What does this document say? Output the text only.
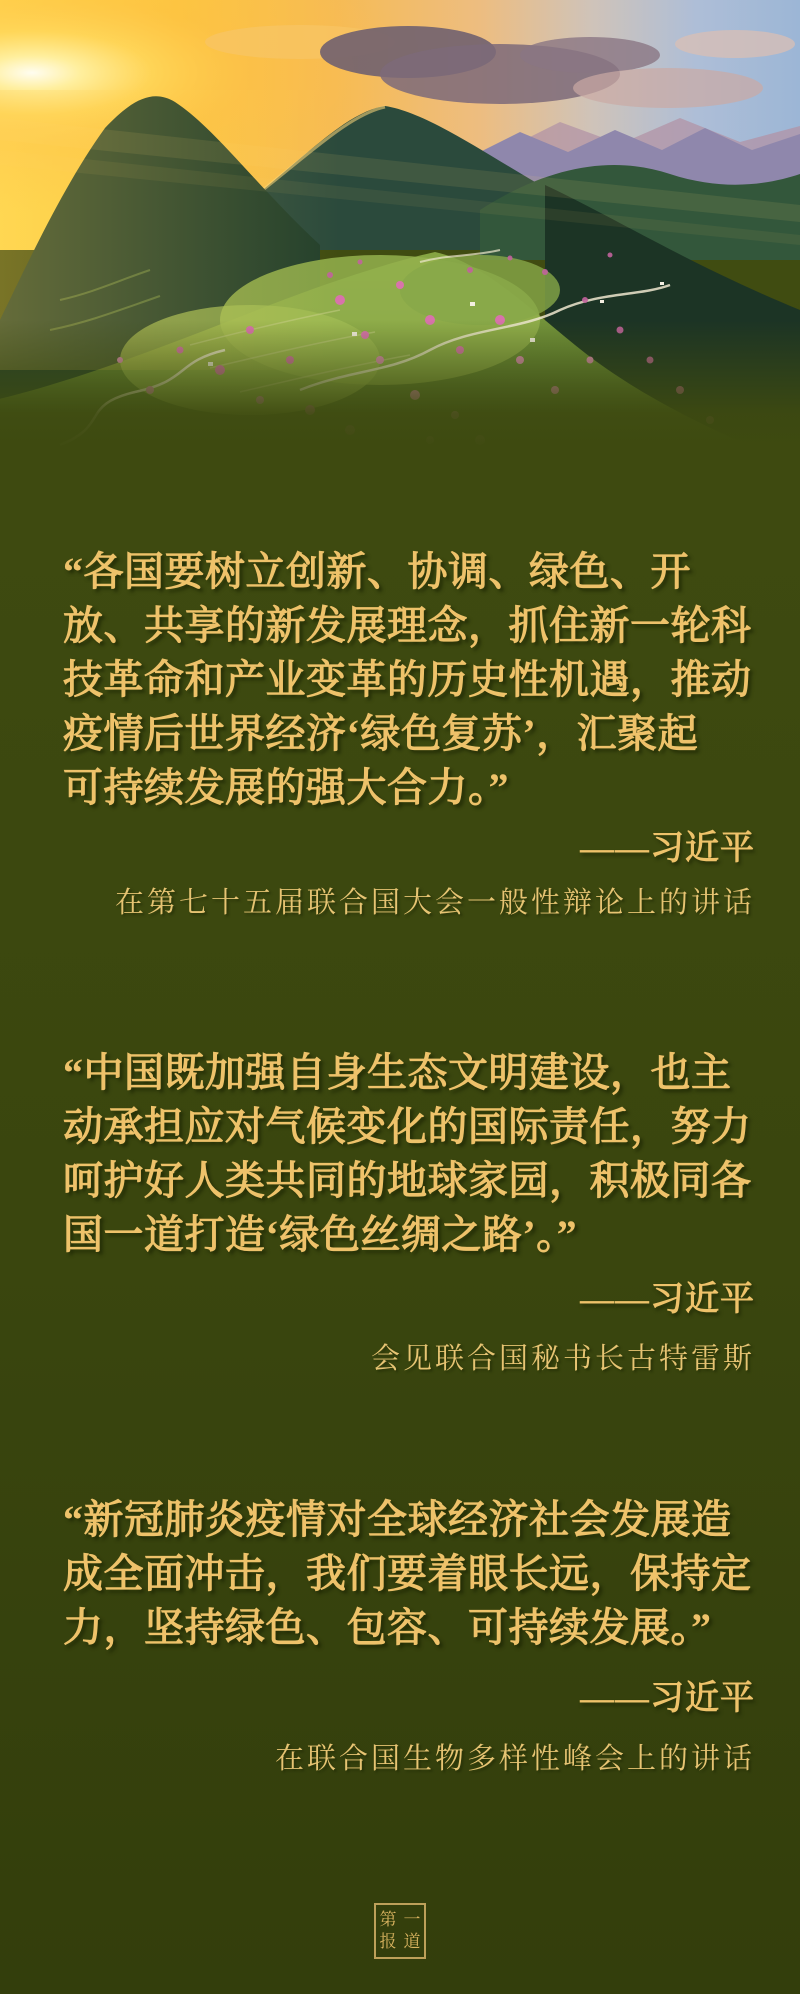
“各国要树立创新、协调、绿色、开
放、共享的新发展理念，抓住新一轮科
技革命和产业变革的历史性机遇，推动
疫情后世界经济‘绿色复苏’，汇聚起
可持续发展的强大合力。”
——习近平
在第七十五届联合国大会一般性辩论上的讲话
“中国既加强自身生态文明建设，也主
动承担应对气候变化的国际责任，努力
呵护好人类共同的地球家园，积极同各
国一道打造‘绿色丝绸之路’。”
——习近平
会见联合国秘书长古特雷斯
“新冠肺炎疫情对全球经济社会发展造
成全面冲击，我们要着眼长远，保持定
力，坚持绿色、包容、可持续发展。”
——习近平
在联合国生物多样性峰会上的讲话
第一
报道
